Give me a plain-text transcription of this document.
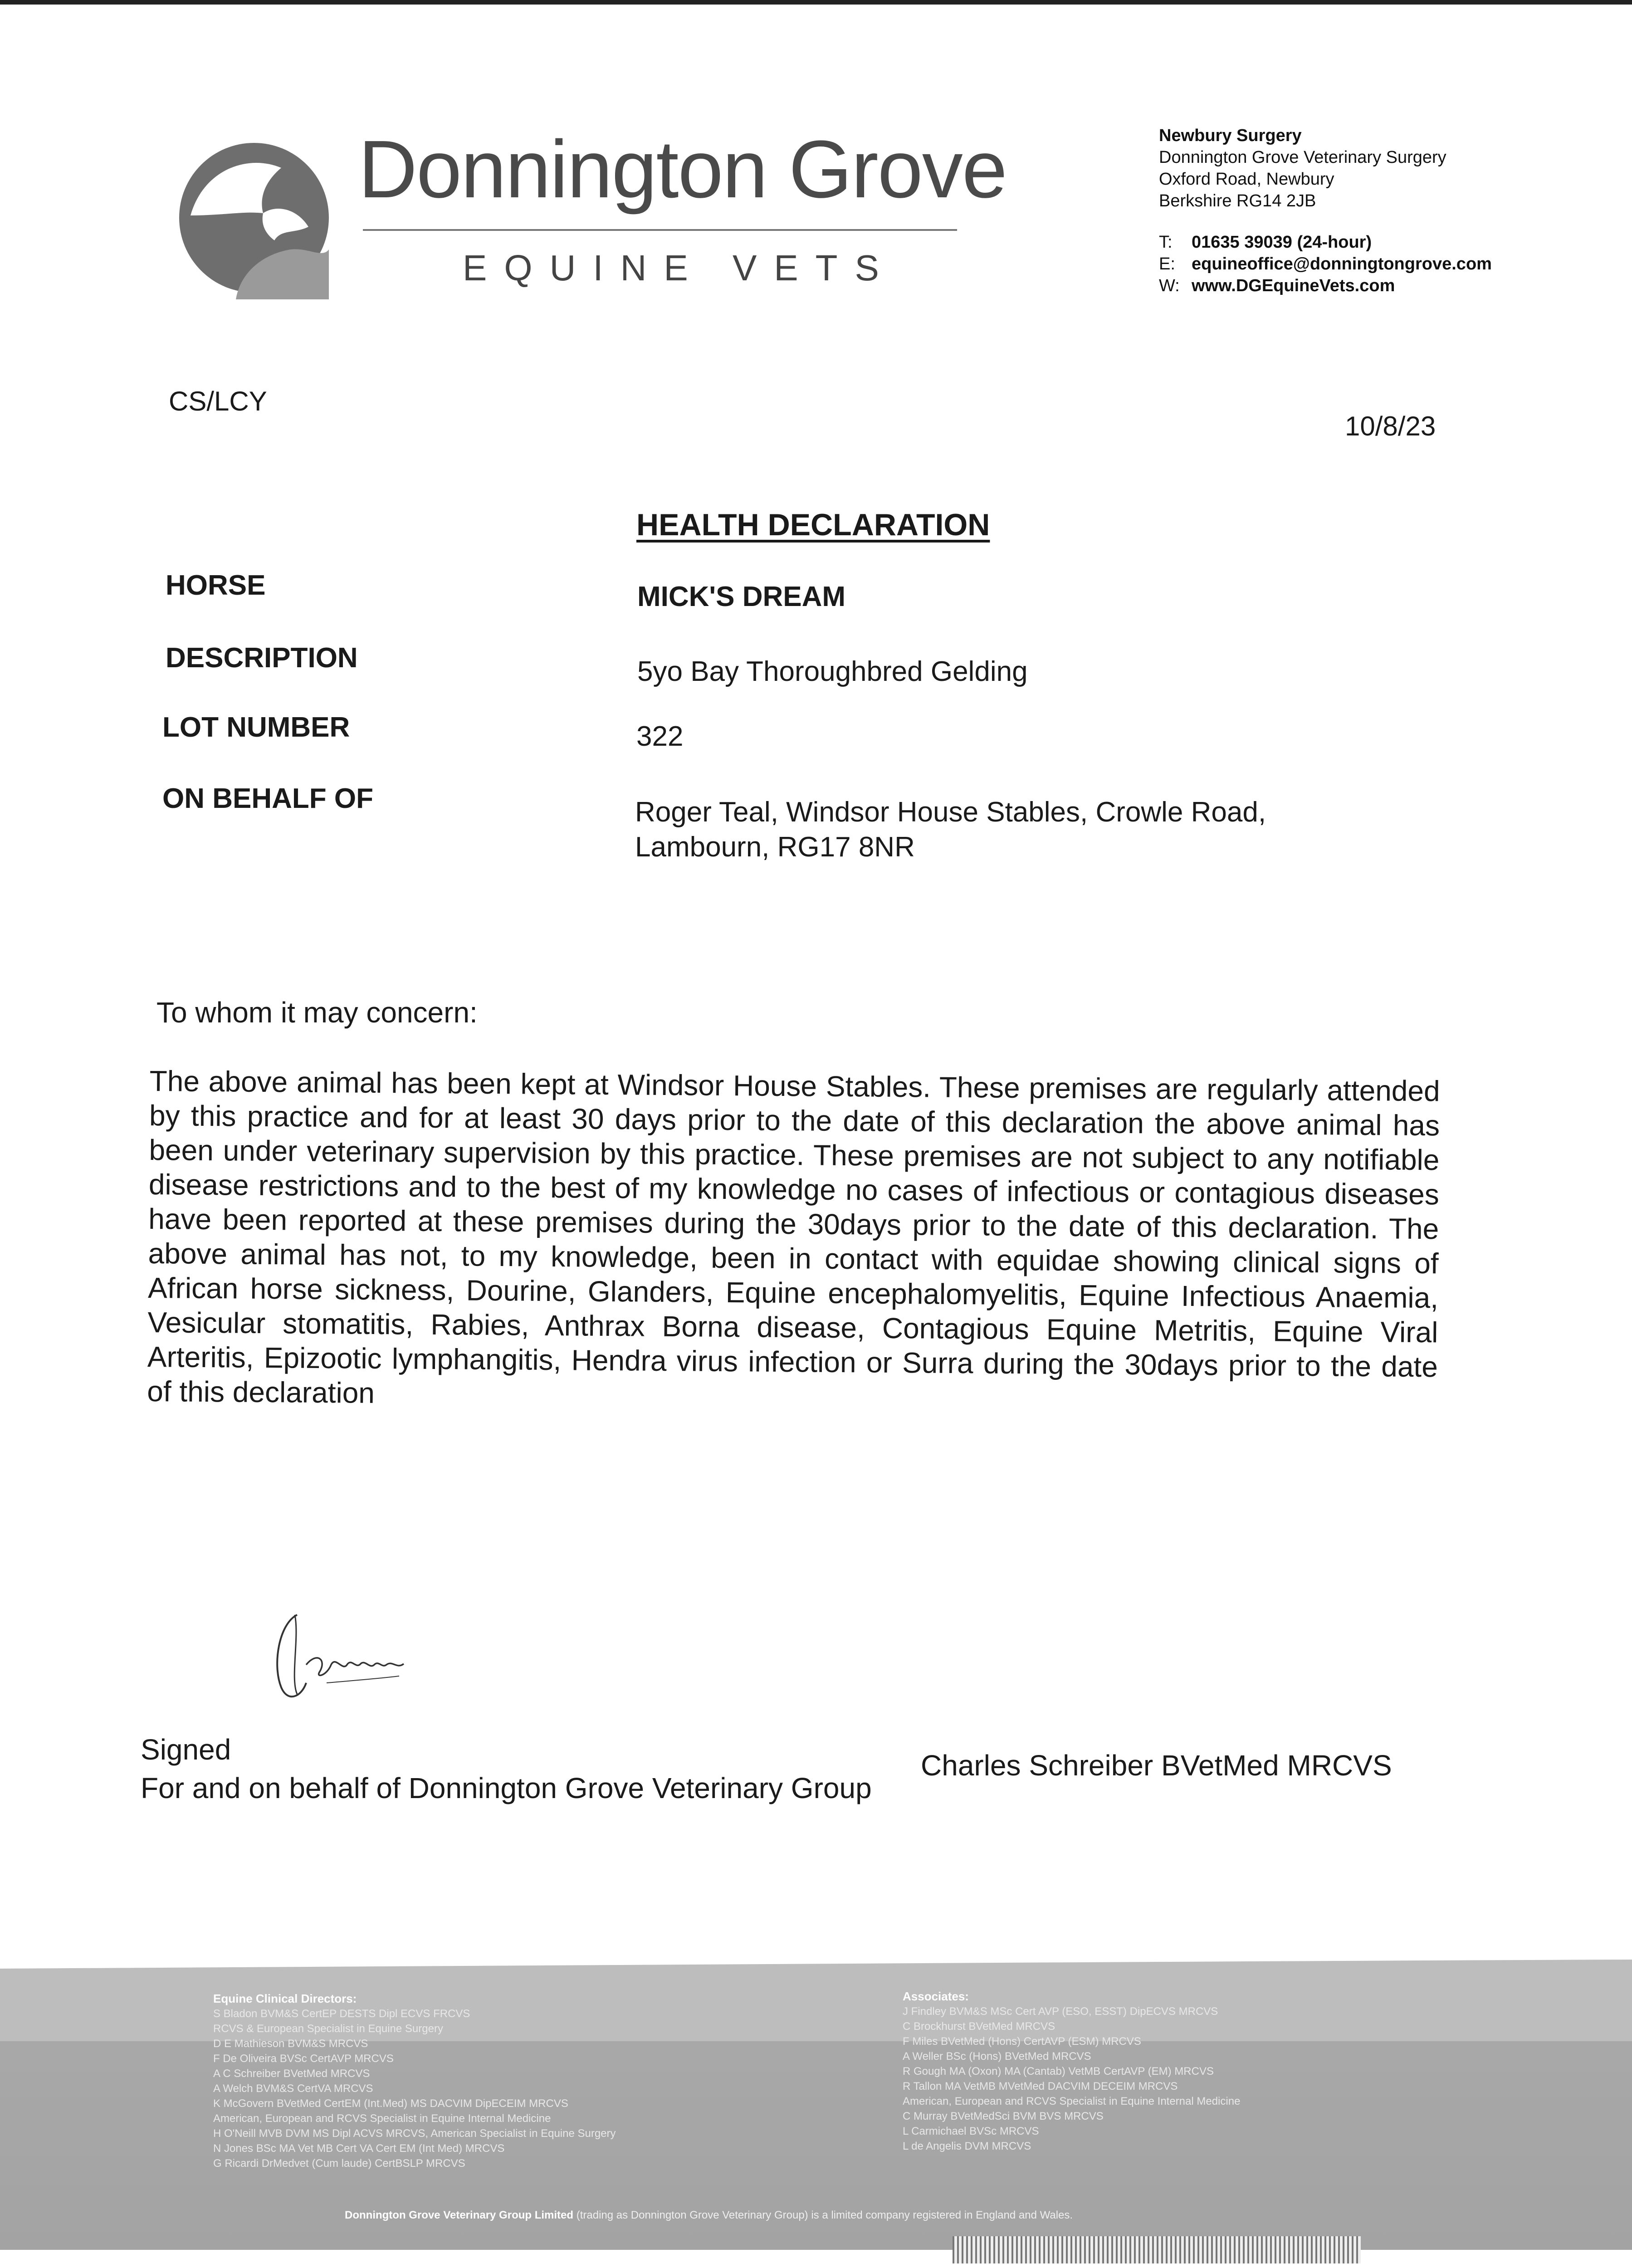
Donnington Grove
EQUINE VETS
Newbury Surgery
Donnington Grove Veterinary Surgery
Oxford Road, Newbury
Berkshire RG14 2JB
T: 01635 39039 (24-hour)
E: equineoffice@donningtongrove.com
W: www.DGEquineVets.com
CS/LCY
10/8/23
HEALTH DECLARATION
HORSE	MICK'S DREAM
DESCRIPTION	5yo Bay Thoroughbred Gelding
LOT NUMBER	322
ON BEHALF OF	Roger Teal, Windsor House Stables, Crowle Road,
Lambourn, RG17 8NR
To whom it may concern:
The above animal has been kept at Windsor House Stables. These premises are regularly attended by this practice and for at least 30 days prior to the date of this declaration the above animal has been under veterinary supervision by this practice. These premises are not subject to any notifiable disease restrictions and to the best of my knowledge no cases of infectious or contagious diseases have been reported at these premises during the 30days prior to the date of this declaration. The above animal has not, to my knowledge, been in contact with equidae showing clinical signs of African horse sickness, Dourine, Glanders, Equine encephalomyelitis, Equine Infectious Anaemia, Vesicular stomatitis, Rabies, Anthrax Borna disease, Contagious Equine Metritis, Equine Viral Arteritis, Epizootic lymphangitis, Hendra virus infection or Surra during the 30days prior to the date of this declaration
Signed
For and on behalf of Donnington Grove Veterinary Group
Charles Schreiber BVetMed MRCVS
Equine Clinical Directors:
S Bladon BVM&S CertEP DESTS Dipl ECVS FRCVS
RCVS & European Specialist in Equine Surgery
D E Mathieson BVM&S MRCVS
F De Oliveira BVSc CertAVP MRCVS
A C Schreiber BVetMed MRCVS
A Welch BVM&S CertVA MRCVS
K McGovern BVetMed CertEM (Int.Med) MS DACVIM DipECEIM MRCVS
American, European and RCVS Specialist in Equine Internal Medicine
H O'Neill MVB DVM MS Dipl ACVS MRCVS, American Specialist in Equine Surgery
N Jones BSc MA Vet MB Cert VA Cert EM (Int Med) MRCVS
G Ricardi DrMedvet (Cum laude) CertBSLP MRCVS
Associates:
J Findley BVM&S MSc Cert AVP (ESO, ESST) DipECVS MRCVS
C Brockhurst BVetMed MRCVS
F Miles BVetMed (Hons) CertAVP (ESM) MRCVS
A Weller BSc (Hons) BVetMed MRCVS
R Gough MA (Oxon) MA (Cantab) VetMB CertAVP (EM) MRCVS
R Tallon MA VetMB MVetMed DACVIM DECEIM MRCVS
American, European and RCVS Specialist in Equine Internal Medicine
C Murray BVetMedSci BVM BVS MRCVS
L Carmichael BVSc MRCVS
L de Angelis DVM MRCVS
Donnington Grove Veterinary Group Limited (trading as Donnington Grove Veterinary Group) is a limited company registered in England and Wales.
